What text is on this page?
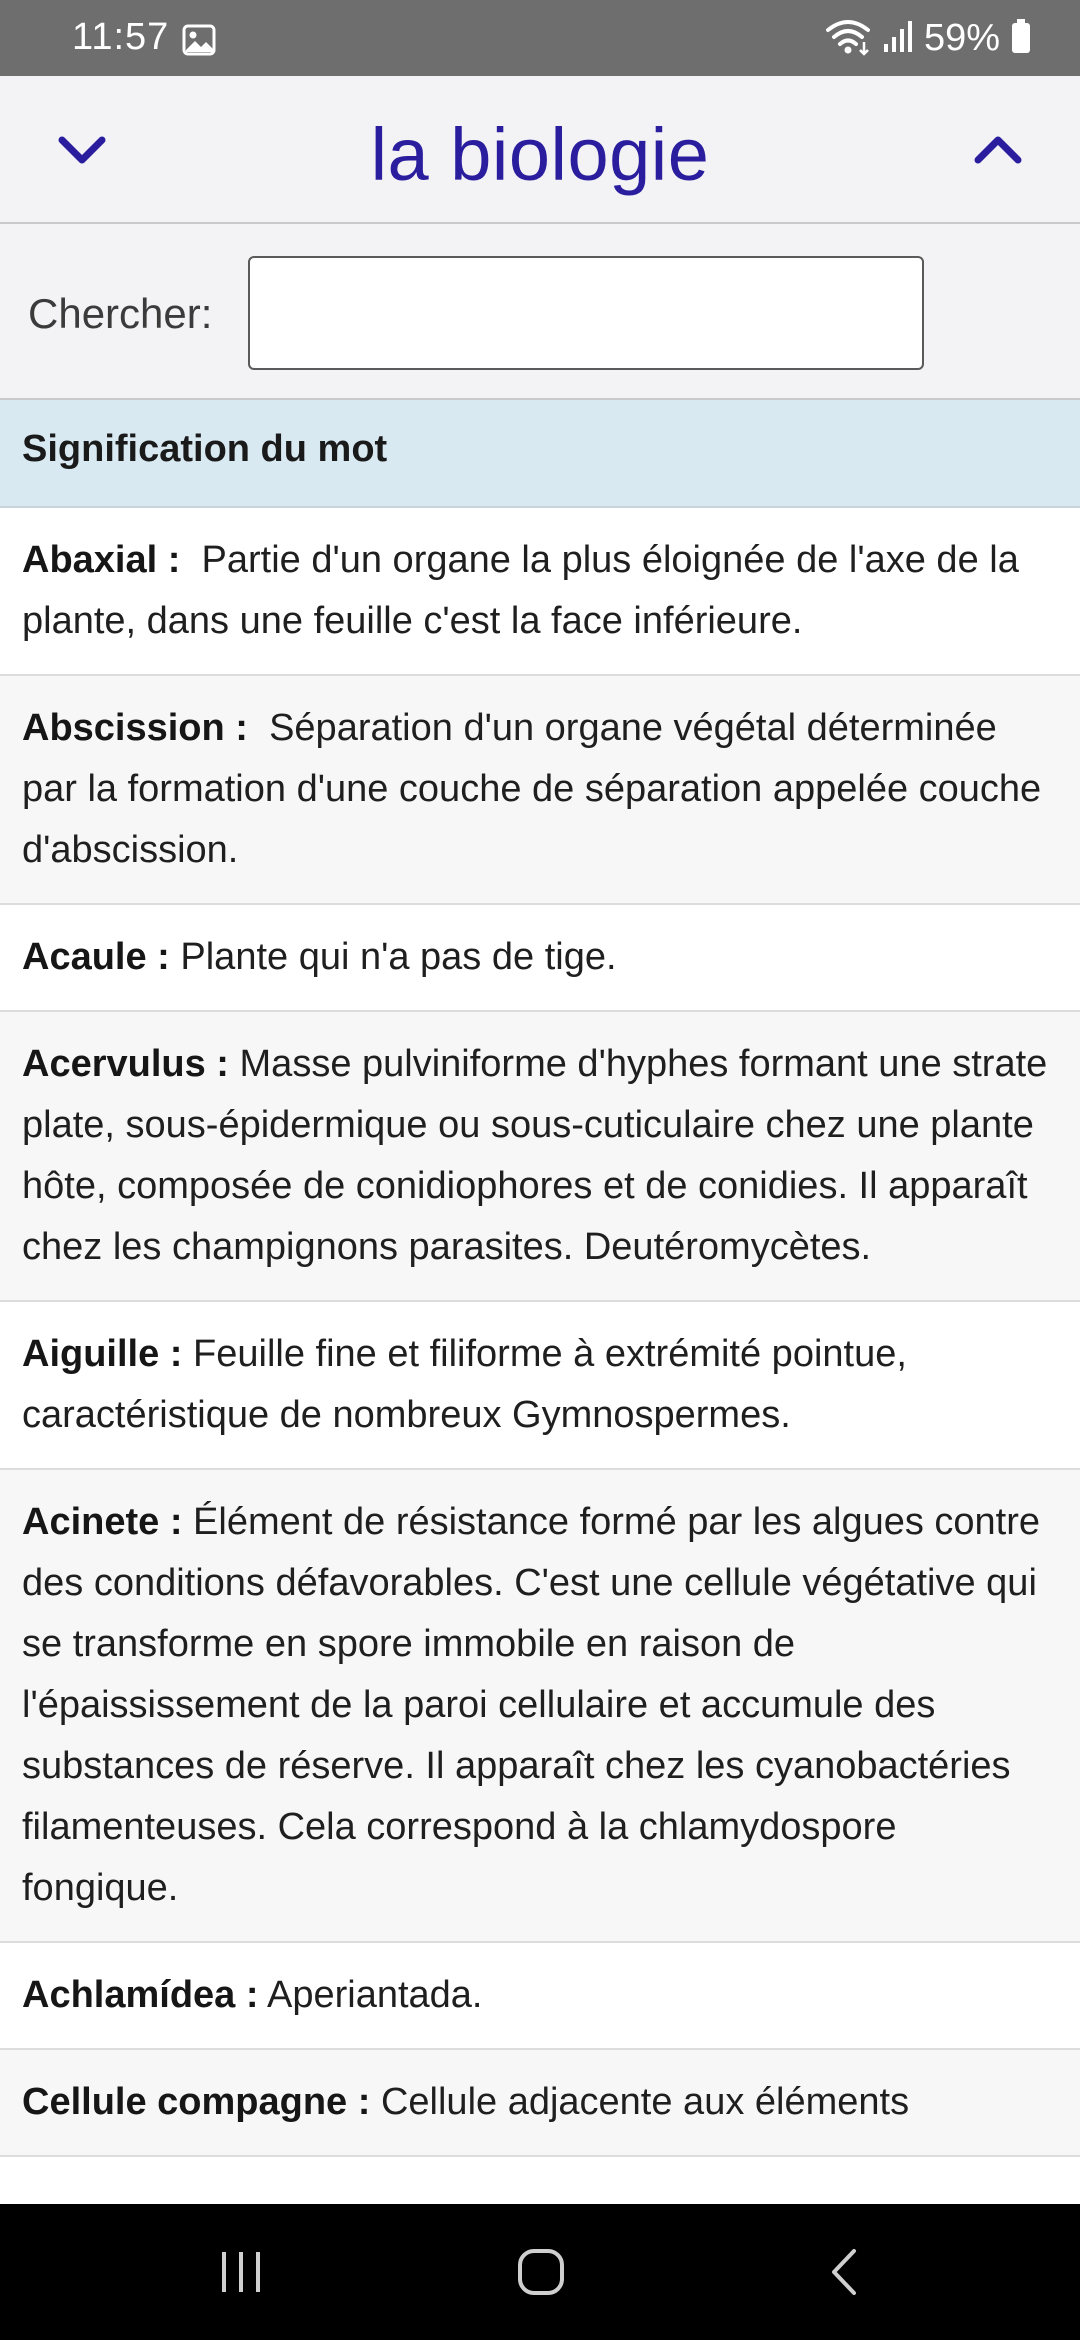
11:57	59%
la biologie
Chercher:
Signification du mot
Abaxial : Partie d'un organe la plus éloignée de l'axe de la plante, dans une feuille c'est la face inférieure.
Abscission : Séparation d'un organe végétal déterminée par la formation d'une couche de séparation appelée couche d'abscission.
Acaule : Plante qui n'a pas de tige.
Acervulus : Masse pulviniforme d'hyphes formant une strate plate, sous-épidermique ou sous-cuticulaire chez une plante hôte, composée de conidiophores et de conidies. Il apparaît chez les champignons parasites. Deutéromycètes.
Aiguille : Feuille fine et filiforme à extrémité pointue, caractéristique de nombreux Gymnospermes.
Acinete : Élément de résistance formé par les algues contre des conditions défavorables. C'est une cellule végétative qui se transforme en spore immobile en raison de l'épaississement de la paroi cellulaire et accumule des substances de réserve. Il apparaît chez les cyanobactéries filamenteuses. Cela correspond à la chlamydospore fongique.
Achlamídea : Aperiantada.
Cellule compagne : Cellule adjacente aux éléments
